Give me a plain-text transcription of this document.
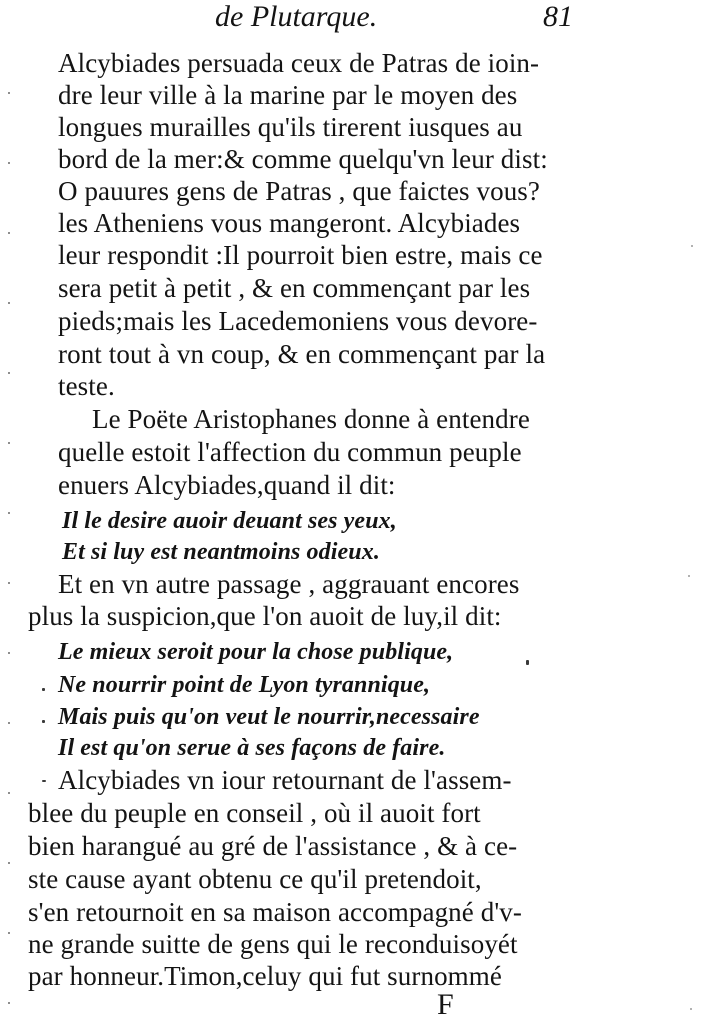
de Plutarque.	81
Alcybiades persuada ceux de Patras de ioin-
dre leur ville à la marine par le moyen des
longues murailles qu'ils tirerent iusques au
bord de la mer:& comme quelqu'vn leur dist:
O pauures gens de Patras , que faictes vous?
les Atheniens vous mangeront. Alcybiades
leur respondit :Il pourroit bien estre, mais ce
sera petit à petit , & en commençant par les
pieds;mais les Lacedemoniens vous devore-
ront tout à vn coup, & en commençant par la
teste.
Le Poëte Aristophanes donne à entendre
quelle estoit l'affection du commun peuple
enuers Alcybiades,quand il dit:
Il le desire auoir deuant ses yeux,
Et si luy est neantmoins odieux.
Et en vn autre passage , aggrauant encores
plus la suspicion,que l'on auoit de luy,il dit:
Le mieux seroit pour la chose publique,
Ne nourrir point de Lyon tyrannique,
Mais puis qu'on veut le nourrir,necessaire
Il est qu'on serue à ses façons de faire.
Alcybiades vn iour retournant de l'assem-
blee du peuple en conseil , où il auoit fort
bien harangué au gré de l'assistance , & à ce-
ste cause ayant obtenu ce qu'il pretendoit,
s'en retournoit en sa maison accompagné d'v-
ne grande suitte de gens qui le reconduisoyét
par honneur.Timon,celuy qui fut surnommé
F
